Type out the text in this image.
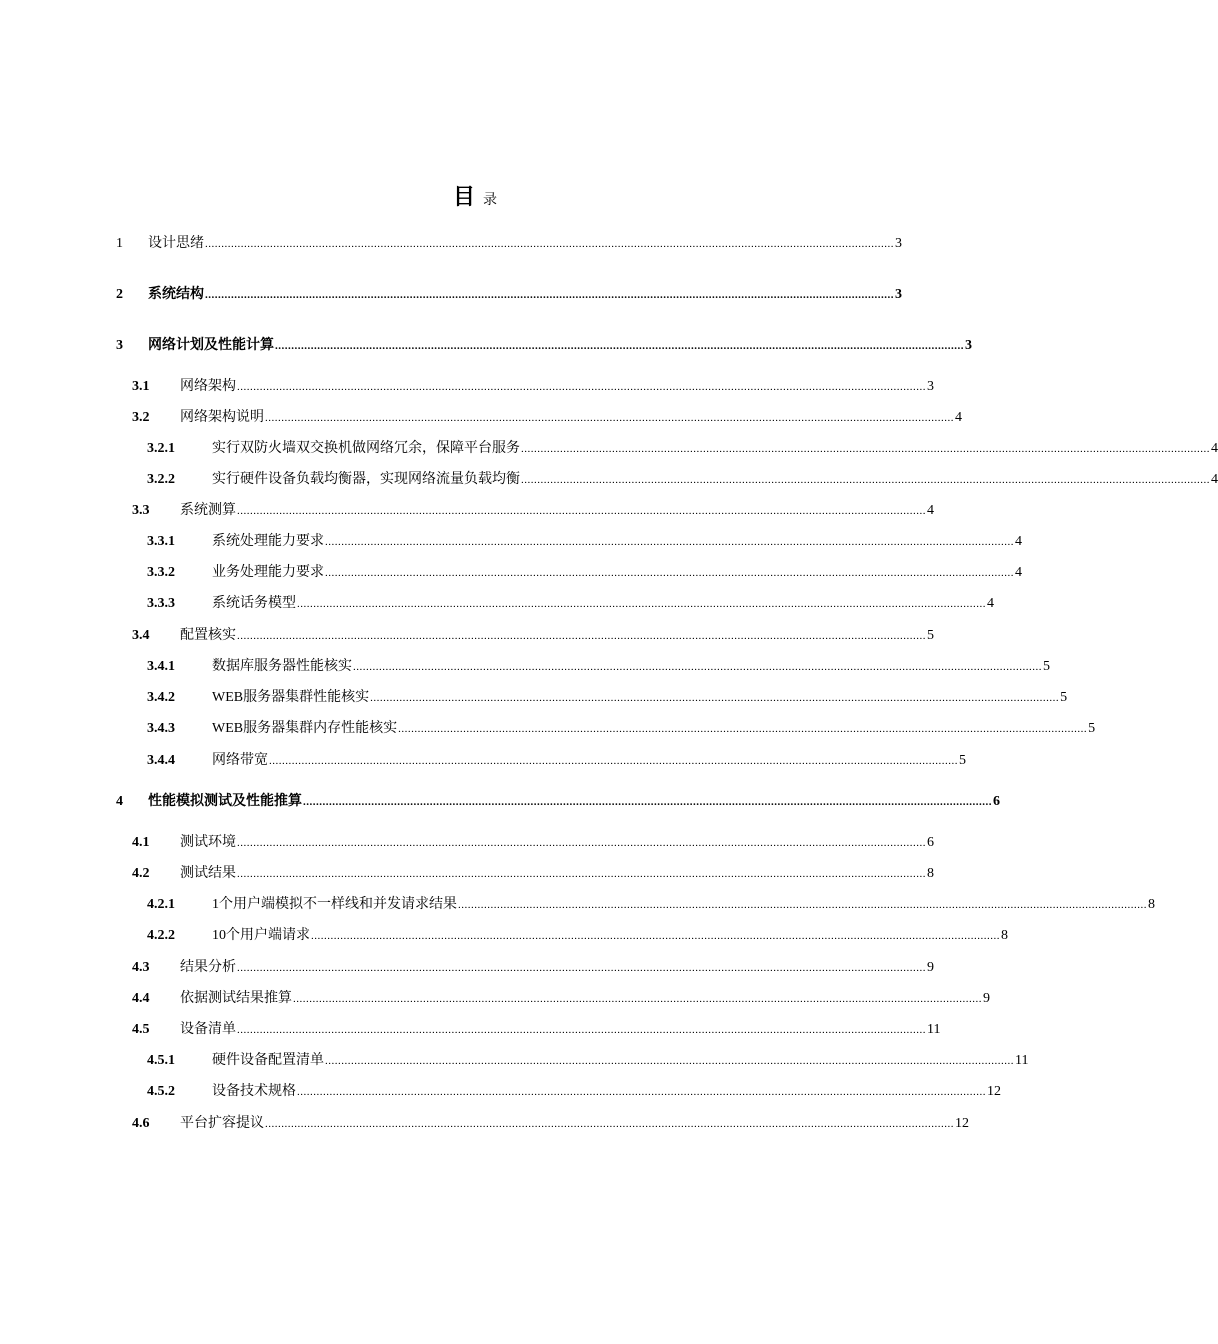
目录
1 设计思绪 .................................................................................................................................................................................................................... 3
2 系统结构 .................................................................................................................................................................................................................... 3
3 网络计划及性能计算 .................................................................................................................................................................................................................... 3
3.1 网络架构 .................................................................................................................................................................................................................... 3
3.2 网络架构说明 .................................................................................................................................................................................................................... 4
3.2.1	实行双防火墙双交换机做网络冗余，保障平台服务 .................................................................................................................................................................................................................... 4
3.2.2	实行硬件设备负载均衡器，实现网络流量负载均衡 .................................................................................................................................................................................................................... 4
3.3 系统测算 .................................................................................................................................................................................................................... 4
3.3.1	系统处理能力要求 .................................................................................................................................................................................................................... 4
3.3.2	业务处理能力要求 .................................................................................................................................................................................................................... 4
3.3.3	系统话务模型 .................................................................................................................................................................................................................... 4
3.4 配置核实 .................................................................................................................................................................................................................... 5
3.4.1	数据库服务器性能核实 .................................................................................................................................................................................................................... 5
3.4.2	WEB服务器集群性能核实 .................................................................................................................................................................................................................... 5
3.4.3	WEB服务器集群内存性能核实 .................................................................................................................................................................................................................... 5
3.4.4	网络带宽 .................................................................................................................................................................................................................... 5
4 性能模拟测试及性能推算 .................................................................................................................................................................................................................... 6
4.1 测试环境 .................................................................................................................................................................................................................... 6
4.2 测试结果 .................................................................................................................................................................................................................... 8
4.2.1	1个用户端模拟不一样线和并发请求结果 .................................................................................................................................................................................................................... 8
4.2.2	10个用户端请求 .................................................................................................................................................................................................................... 8
4.3 结果分析 .................................................................................................................................................................................................................... 9
4.4 依据测试结果推算 .................................................................................................................................................................................................................... 9
4.5 设备清单 .................................................................................................................................................................................................................... 11
4.5.1	硬件设备配置清单 .................................................................................................................................................................................................................... 11
4.5.2	设备技术规格 .................................................................................................................................................................................................................... 12
4.6 平台扩容提议 .................................................................................................................................................................................................................... 12
